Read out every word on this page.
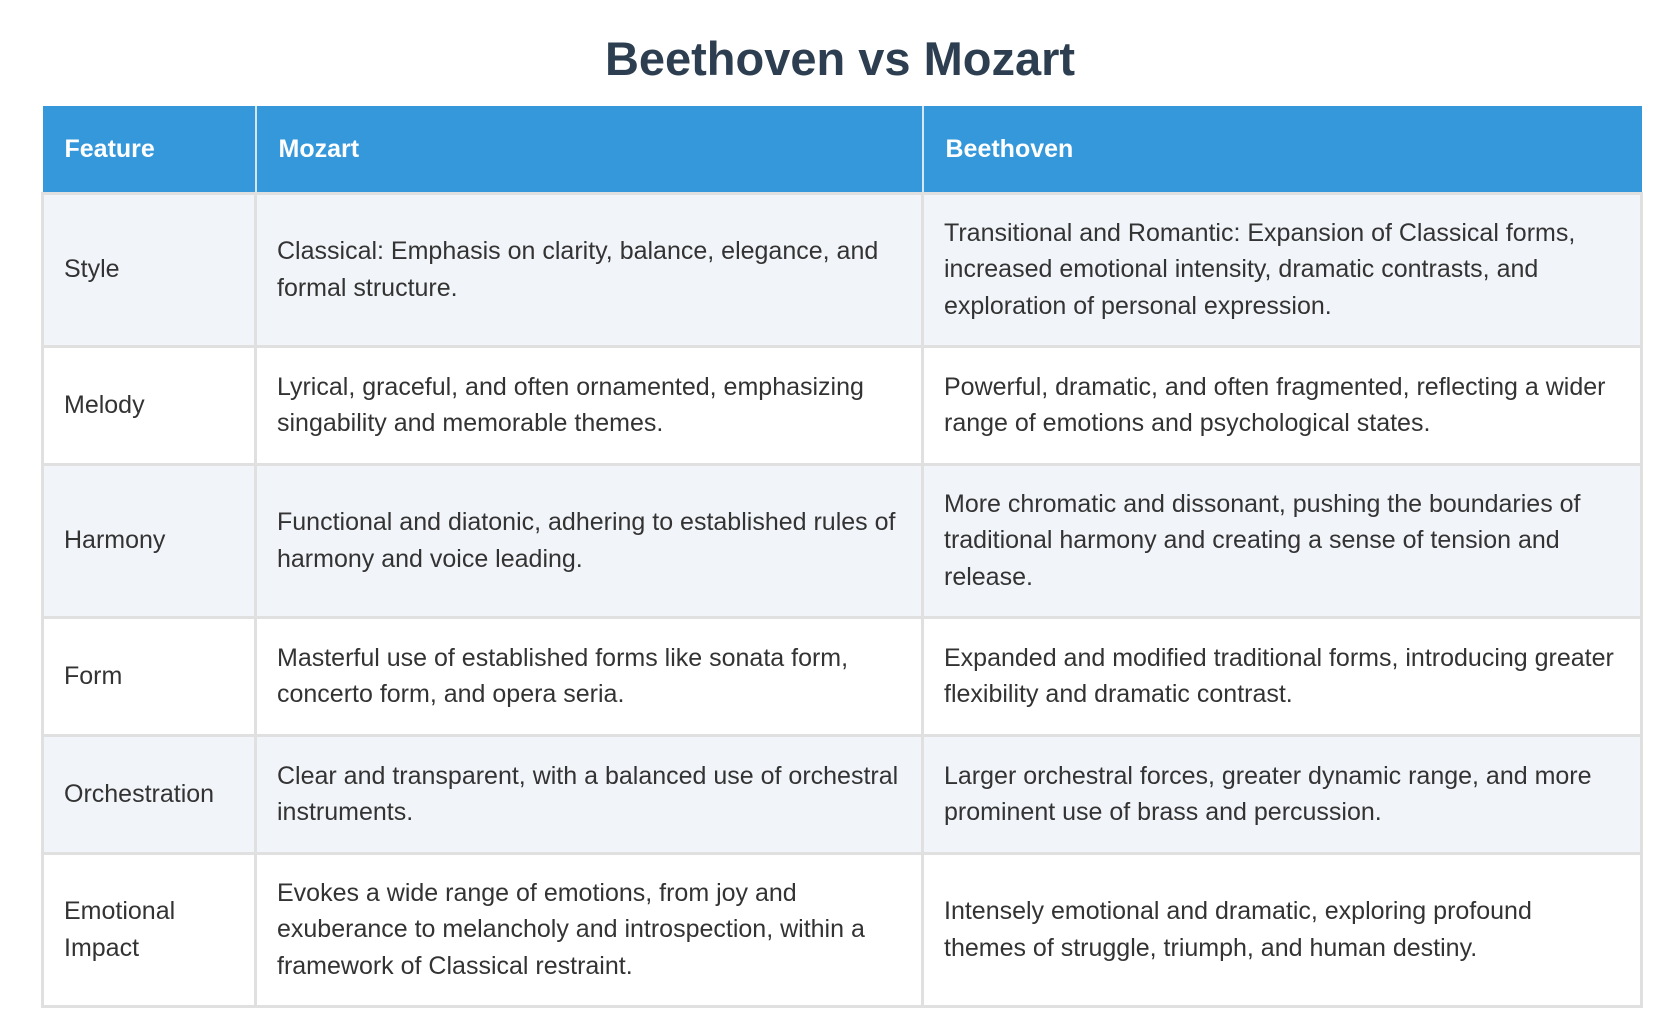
Beethoven vs Mozart
Feature	Mozart	Beethoven
Style	Classical: Emphasis on clarity, balance, elegance, and formal structure.	Transitional and Romantic: Expansion of Classical forms, increased emotional intensity, dramatic contrasts, and exploration of personal expression.
Melody	Lyrical, graceful, and often ornamented, emphasizing singability and memorable themes.	Powerful, dramatic, and often fragmented, reflecting a wider range of emotions and psychological states.
Harmony	Functional and diatonic, adhering to established rules of harmony and voice leading.	More chromatic and dissonant, pushing the boundaries of traditional harmony and creating a sense of tension and release.
Form	Masterful use of established forms like sonata form, concerto form, and opera seria.	Expanded and modified traditional forms, introducing greater flexibility and dramatic contrast.
Orchestration	Clear and transparent, with a balanced use of orchestral instruments.	Larger orchestral forces, greater dynamic range, and more prominent use of brass and percussion.
Emotional Impact	Evokes a wide range of emotions, from joy and exuberance to melancholy and introspection, within a framework of Classical restraint.	Intensely emotional and dramatic, exploring profound themes of struggle, triumph, and human destiny.
